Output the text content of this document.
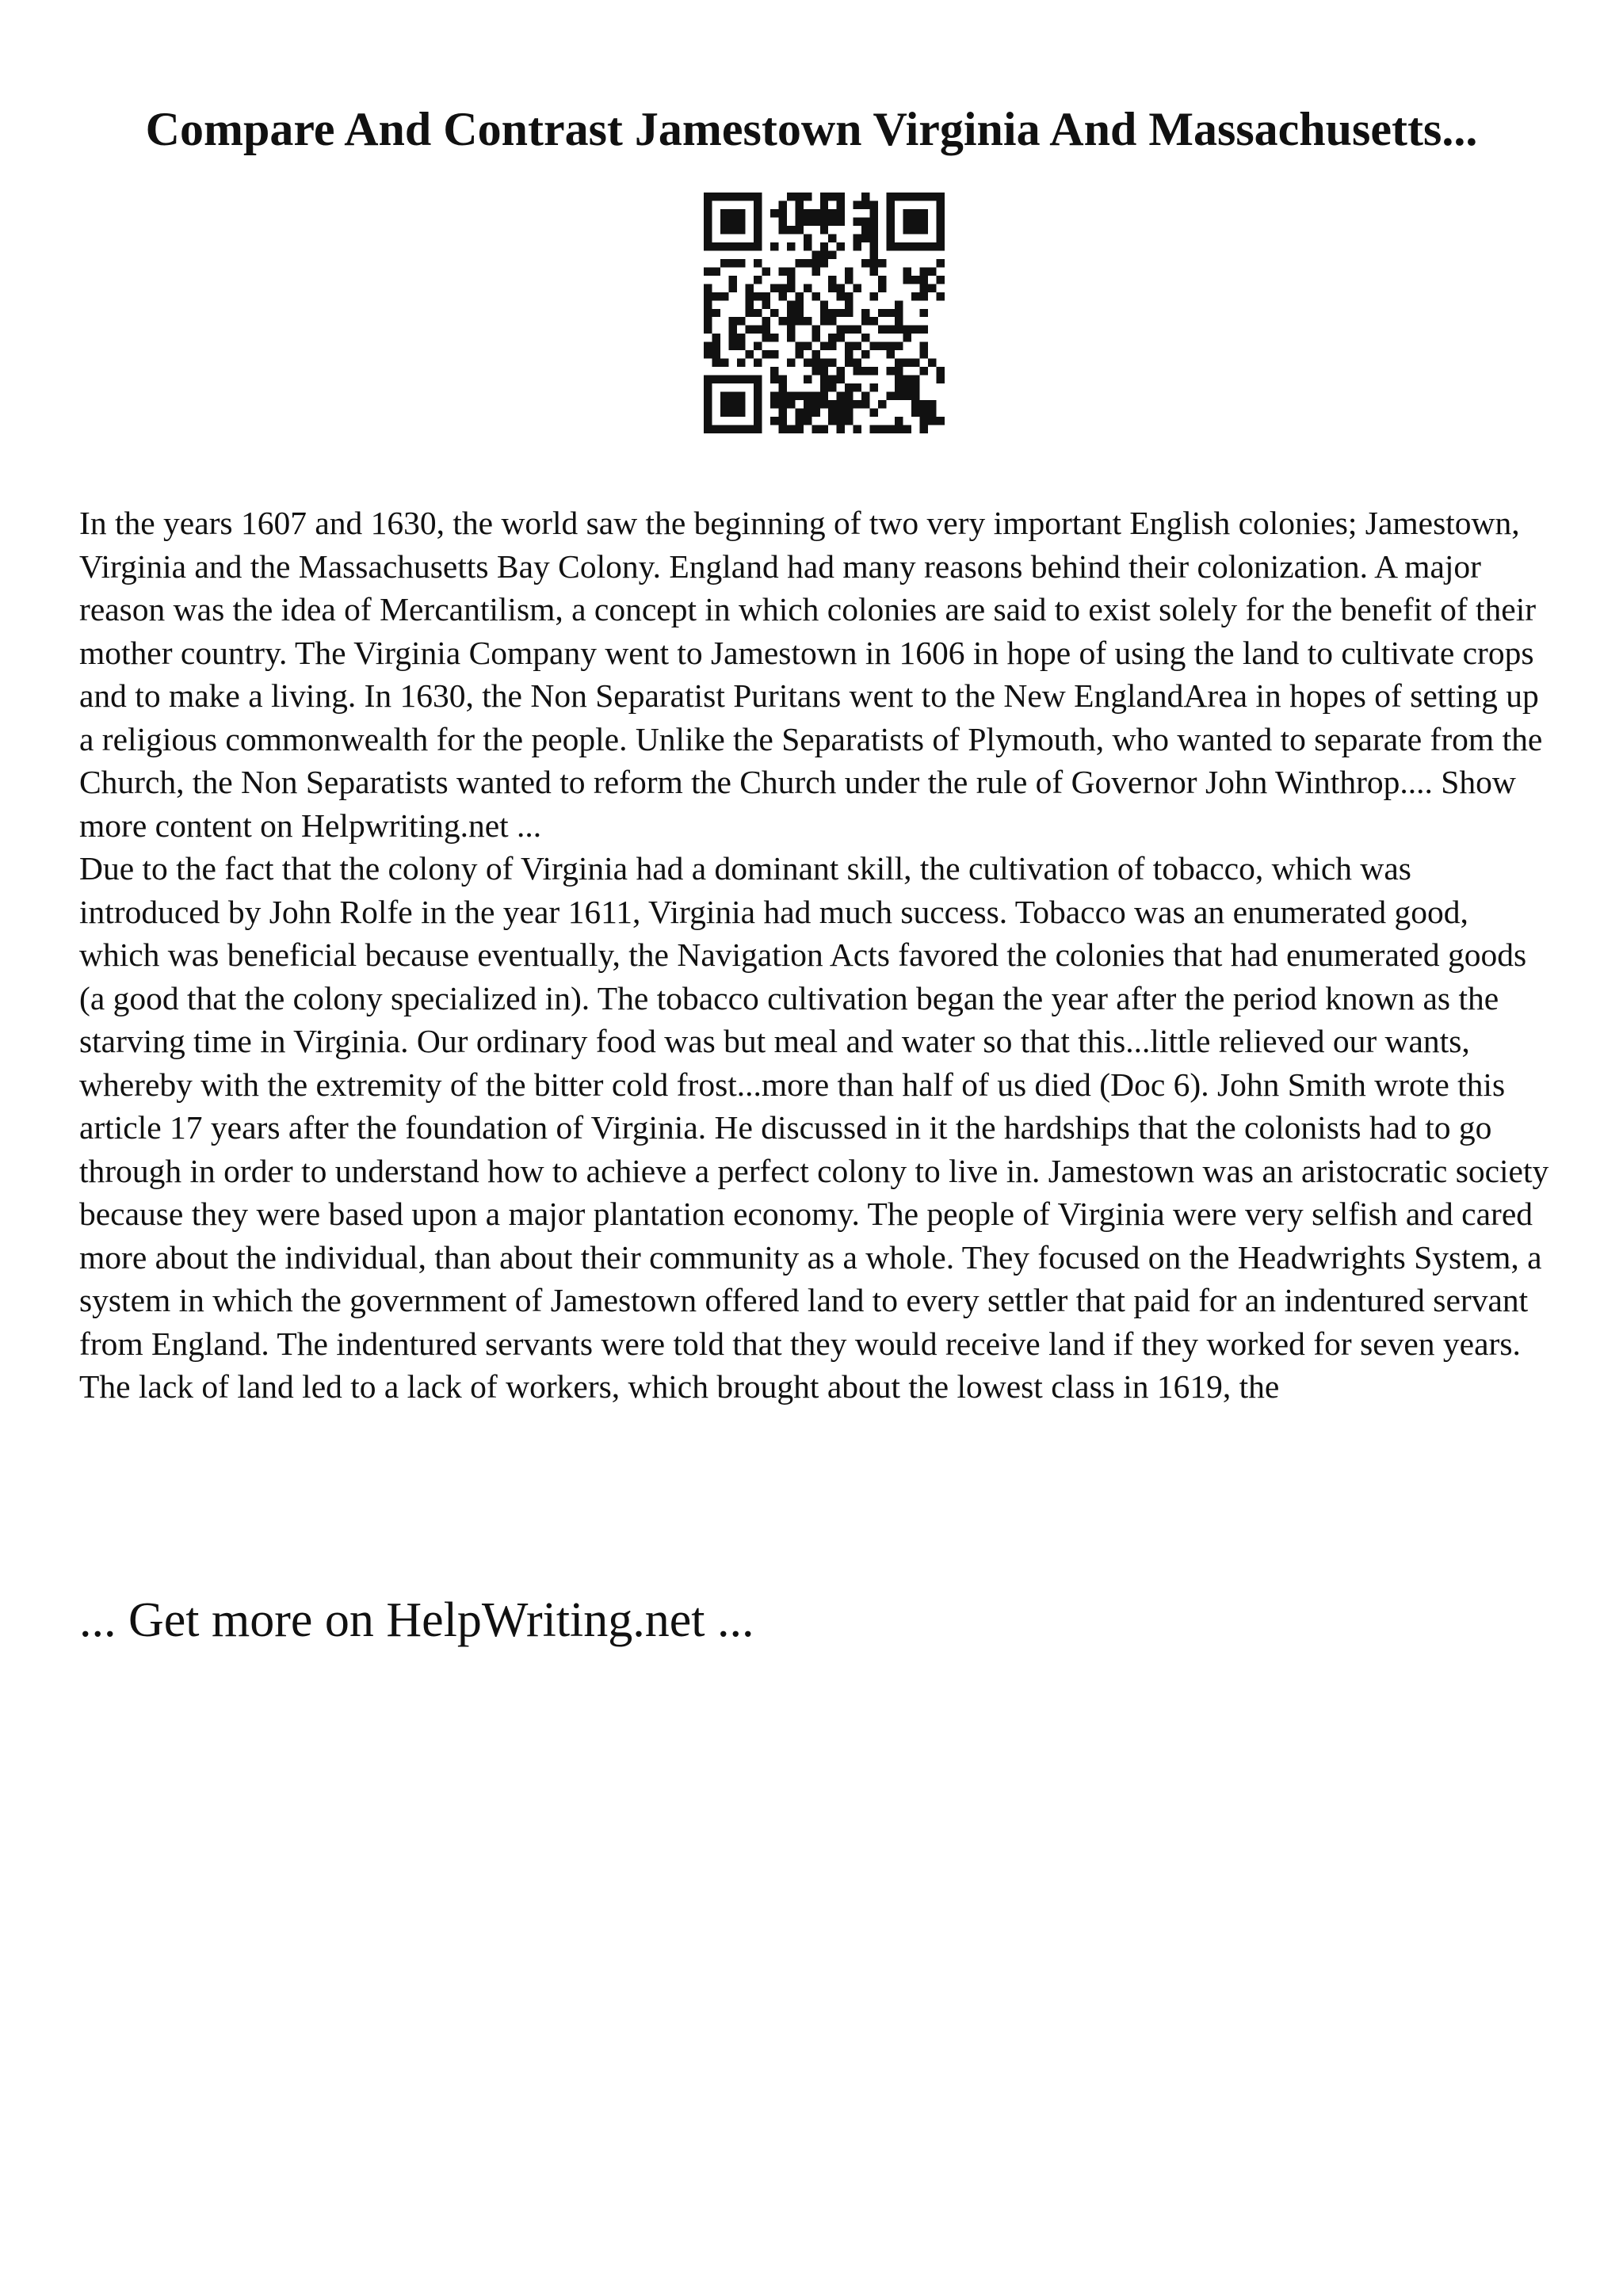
Compare And Contrast Jamestown Virginia And Massachusetts...

In the years 1607 and 1630, the world saw the beginning of two very important English colonies; Jamestown, Virginia and the Massachusetts Bay Colony. England had many reasons behind their colonization. A major reason was the idea of Mercantilism, a concept in which colonies are said to exist solely for the benefit of their mother country. The Virginia Company went to Jamestown in 1606 in hope of using the land to cultivate crops and to make a living. In 1630, the Non Separatist Puritans went to the New EnglandArea in hopes of setting up a religious commonwealth for the people. Unlike the Separatists of Plymouth, who wanted to separate from the Church, the Non Separatists wanted to reform the Church under the rule of Governor John Winthrop.... Show more content on Helpwriting.net ...

Due to the fact that the colony of Virginia had a dominant skill, the cultivation of tobacco, which was introduced by John Rolfe in the year 1611, Virginia had much success. Tobacco was an enumerated good, which was beneficial because eventually, the Navigation Acts favored the colonies that had enumerated goods (a good that the colony specialized in). The tobacco cultivation began the year after the period known as the starving time in Virginia. Our ordinary food was but meal and water so that this...little relieved our wants, whereby with the extremity of the bitter cold frost...more than half of us died (Doc 6). John Smith wrote this article 17 years after the foundation of Virginia. He discussed in it the hardships that the colonists had to go through in order to understand how to achieve a perfect colony to live in. Jamestown was an aristocratic society because they were based upon a major plantation economy. The people of Virginia were very selfish and cared more about the individual, than about their community as a whole. They focused on the Headwrights System, a system in which the government of Jamestown offered land to every settler that paid for an indentured servant from England. The indentured servants were told that they would receive land if they worked for seven years. The lack of land led to a lack of workers, which brought about the lowest class in 1619, the

... Get more on HelpWriting.net ...
